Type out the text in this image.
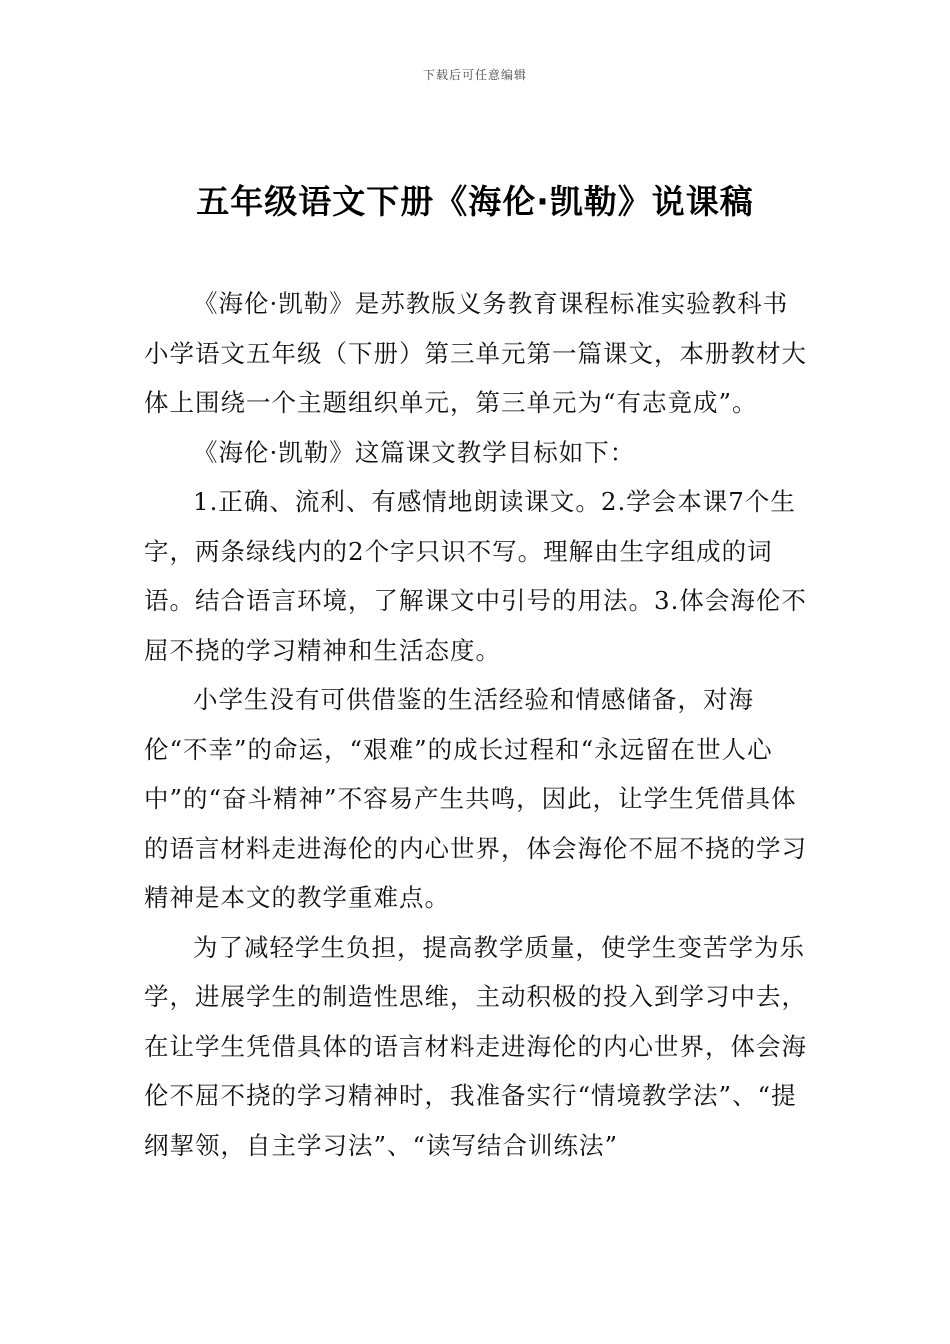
下载后可任意编辑
五年级语文下册《海伦·凯勒》说课稿

《海伦·凯勒》是苏教版义务教育课程标准实验教科书小学语文五年级（下册）第三单元第一篇课文，本册教材大体上围绕一个主题组织单元，第三单元为“有志竟成”。

《海伦·凯勒》这篇课文教学目标如下：

1.正确、流利、有感情地朗读课文。2.学会本课7个生字，两条绿线内的2个字只识不写。理解由生字组成的词语。结合语言环境，了解课文中引号的用法。3.体会海伦不屈不挠的学习精神和生活态度。

小学生没有可供借鉴的生活经验和情感储备，对海伦“不幸”的命运，“艰难”的成长过程和“永远留在世人心中”的“奋斗精神”不容易产生共鸣，因此，让学生凭借具体的语言材料走进海伦的内心世界，体会海伦不屈不挠的学习精神是本文的教学重难点。

为了减轻学生负担，提高教学质量，使学生变苦学为乐学，进展学生的制造性思维，主动积极的投入到学习中去，在让学生凭借具体的语言材料走进海伦的内心世界，体会海伦不屈不挠的学习精神时，我准备实行“情境教学法”、“提纲挈领，自主学习法”、“读写结合训练法”
